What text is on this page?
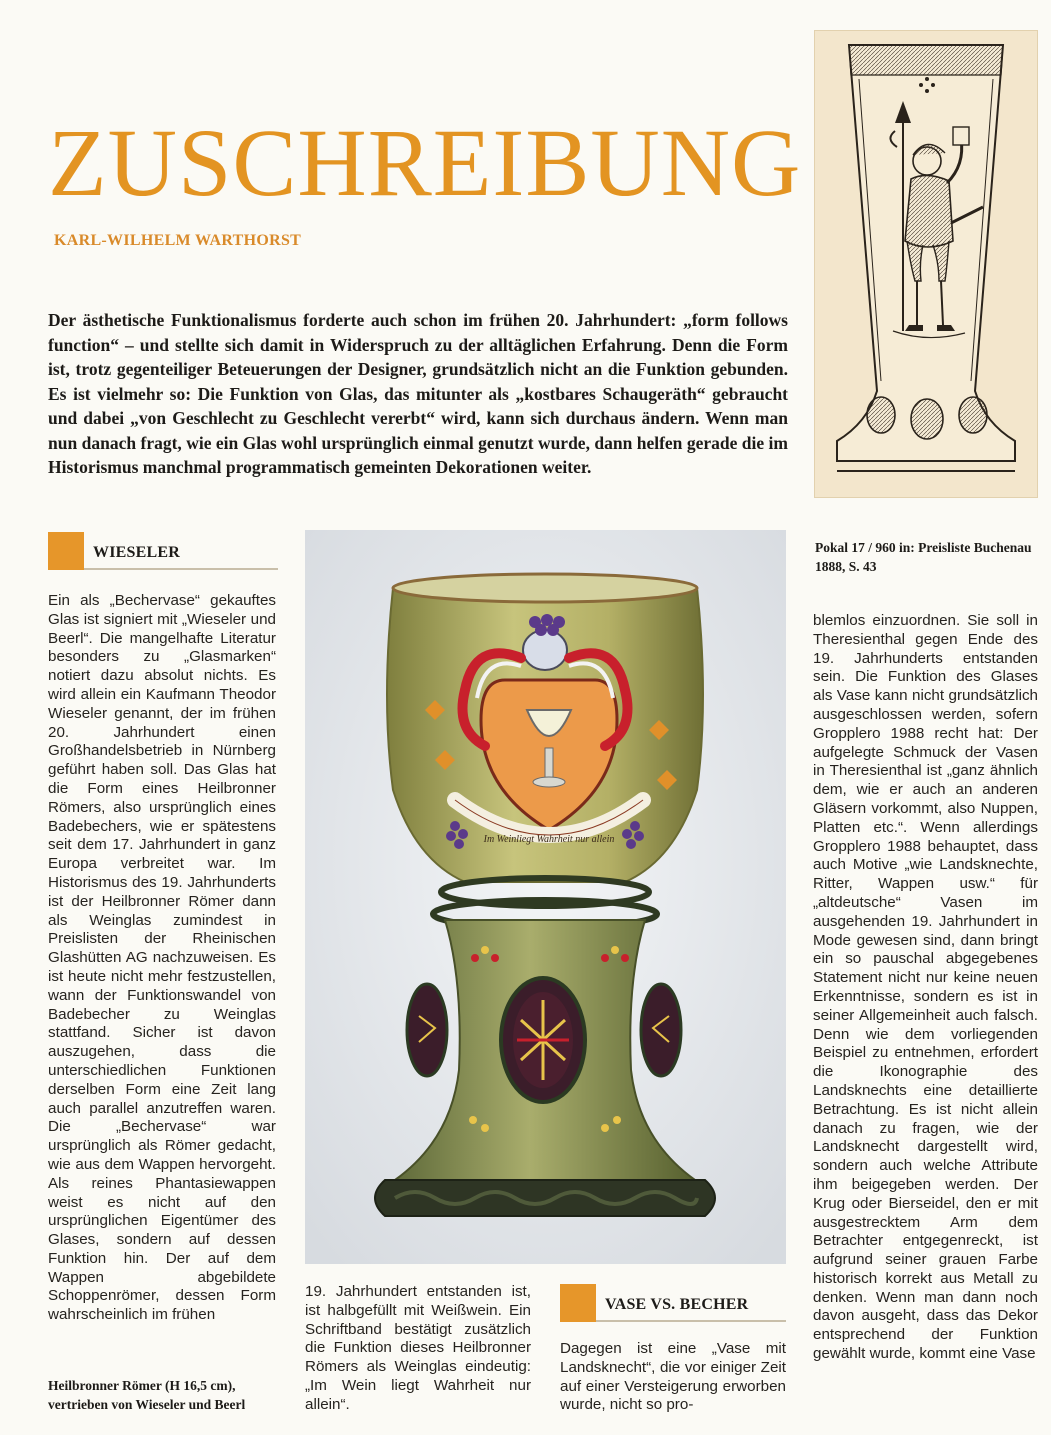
ZUSCHREIBUNG
KARL-WILHELM WARTHORST

Der ästhetische Funktionalismus forderte auch schon im frühen 20. Jahrhundert: „form follows function“ – und stellte sich damit in Widerspruch zu der alltäglichen Erfahrung. Denn die Form ist, trotz gegenteiliger Beteuerungen der Designer, grundsätzlich nicht an die Funktion gebunden. Es ist vielmehr so: Die Funktion von Glas, das mitunter als „kostbares Schaugeräth“ gebraucht und dabei „von Geschlecht zu Geschlecht vererbt“ wird, kann sich durchaus ändern. Wenn man nun danach fragt, wie ein Glas wohl ursprünglich einmal genutzt wurde, dann helfen gerade die im Historismus manchmal programmatisch gemeinten Dekorationen weiter.

Pokal 17 / 960 in: Preisliste Buchenau 1888, S. 43
WIESELER

Ein als „Bechervase“ gekauftes Glas ist signiert mit „Wieseler und Beerl“. Die mangelhafte Literatur besonders zu „Glasmarken“ notiert dazu absolut nichts. Es wird allein ein Kaufmann Theodor Wieseler genannt, der im frühen 20. Jahrhundert einen Großhandelsbetrieb in Nürnberg geführt haben soll. Das Glas hat die Form eines Heilbronner Römers, also ursprünglich eines Badebechers, wie er spätestens seit dem 17. Jahrhundert in ganz Europa verbreitet war. Im Historismus des 19. Jahrhunderts ist der Heilbronner Römer dann als Weinglas zumindest in Preislisten der Rheinischen Glashütten AG nachzuweisen. Es ist heute nicht mehr festzustellen, wann der Funktionswandel von Badebecher zu Weinglas stattfand. Sicher ist davon auszugehen, dass die unterschiedlichen Funktionen derselben Form eine Zeit lang auch parallel anzutreffen waren. Die „Bechervase“ war ursprünglich als Römer gedacht, wie aus dem Wappen hervorgeht. Als reines Phantasiewappen weist es nicht auf den ursprünglichen Eigentümer des Glases, sondern auf dessen Funktion hin. Der auf dem Wappen abgebildete Schoppenrömer, dessen Form wahrscheinlich im frühen

Im Weinliegt Wahrheit nur allein

19. Jahrhundert entstanden ist, ist halbgefüllt mit Weißwein. Ein Schriftband bestätigt zusätzlich die Funktion dieses Heilbronner Römers als Weinglas eindeutig: „Im Wein liegt Wahrheit nur allein“.

VASE VS. BECHER

Dagegen ist eine „Vase mit Landsknecht“, die vor einiger Zeit auf einer Versteigerung erworben wurde, nicht so pro-

blemlos einzuordnen. Sie soll in Theresienthal gegen Ende des 19. Jahrhunderts entstanden sein. Die Funktion des Glases als Vase kann nicht grundsätzlich ausgeschlossen werden, sofern Gropplero 1988 recht hat: Der aufgelegte Schmuck der Vasen in Theresienthal ist „ganz ähnlich dem, wie er auch an anderen Gläsern vorkommt, also Nuppen, Platten etc.“. Wenn allerdings Gropplero 1988 behauptet, dass auch Motive „wie Landsknechte, Ritter, Wappen usw.“ für „altdeutsche“ Vasen im ausgehenden 19. Jahrhundert in Mode gewesen sind, dann bringt ein so pauschal abgegebenes Statement nicht nur keine neuen Erkenntnisse, sondern es ist in seiner Allgemeinheit auch falsch. Denn wie dem vorliegenden Beispiel zu entnehmen, erfordert die Ikonographie des Landsknechts eine detaillierte Betrachtung. Es ist nicht allein danach zu fragen, wie der Landsknecht dargestellt wird, sondern auch welche Attribute ihm beigegeben werden. Der Krug oder Bierseidel, den er mit ausgestrecktem Arm dem Betrachter entgegenreckt, ist aufgrund seiner grauen Farbe historisch korrekt aus Metall zu denken. Wenn man dann noch davon ausgeht, dass das Dekor entsprechend der Funktion gewählt wurde, kommt eine Vase

Heilbronner Römer (H 16,5 cm), vertrieben von Wieseler und Beerl
